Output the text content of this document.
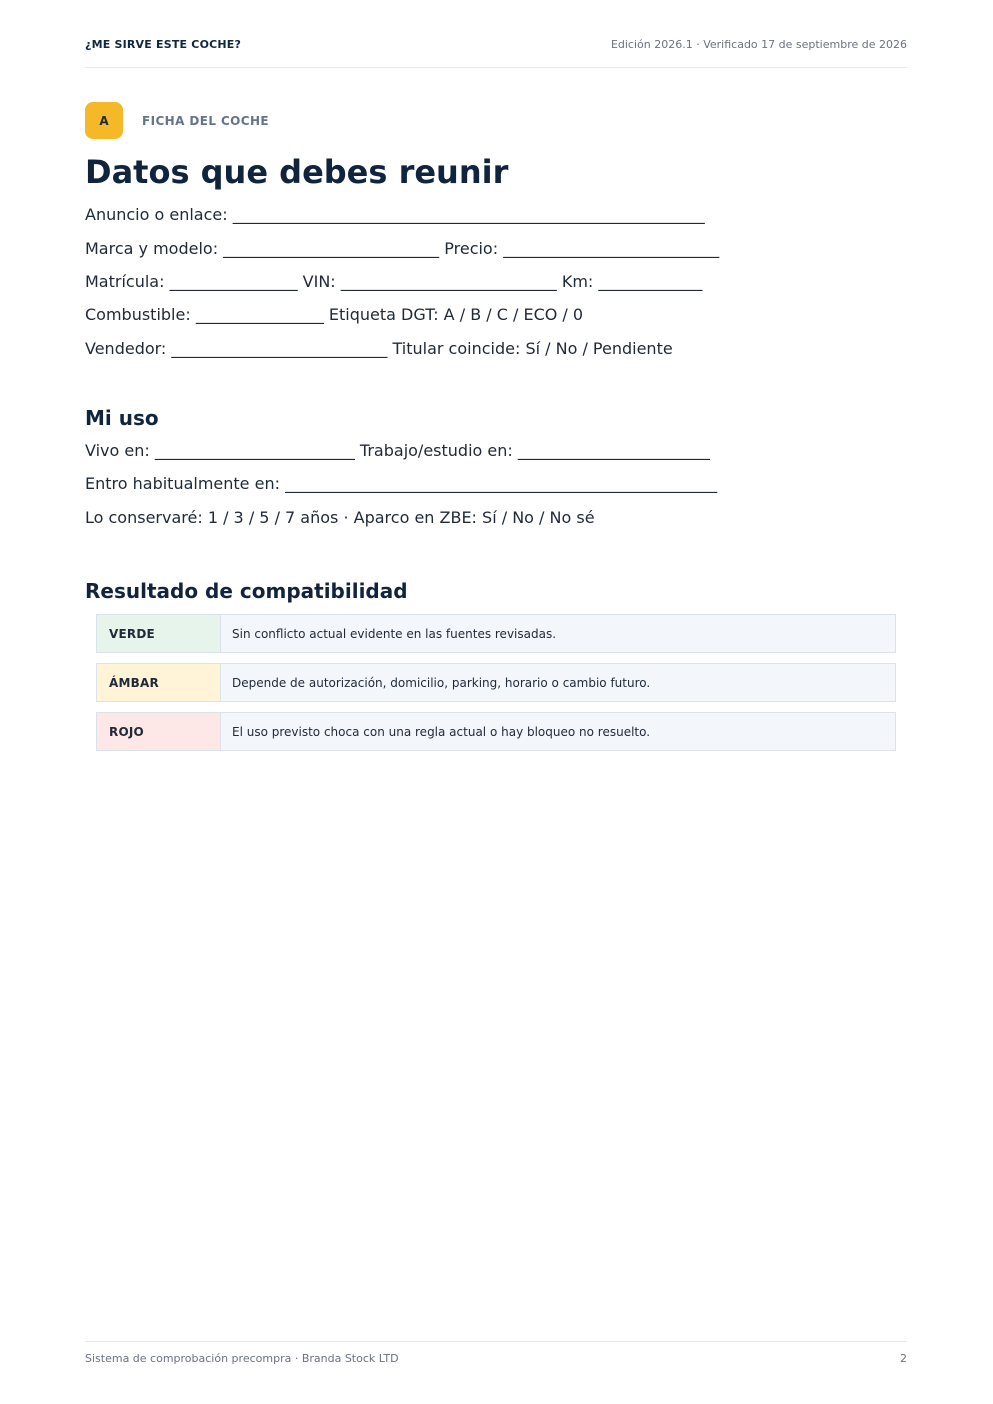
¿ME SIRVE ESTE COCHE?	Edición 2026.1 · Verificado 17 de septiembre de 2026
A	FICHA DEL COCHE
Datos que debes reunir
Anuncio o enlace: ___________________________________________________________
Marca y modelo: ___________________________ Precio: ___________________________
Matrícula: ________________ VIN: ___________________________ Km: _____________
Combustible: ________________ Etiqueta DGT: A / B / C / ECO / 0
Vendedor: ___________________________ Titular coincide: Sí / No / Pendiente
Mi uso
Vivo en: _________________________ Trabajo/estudio en: ________________________
Entro habitualmente en: ______________________________________________________
Lo conservaré: 1 / 3 / 5 / 7 años · Aparco en ZBE: Sí / No / No sé
Resultado de compatibilidad
VERDE	Sin conflicto actual evidente en las fuentes revisadas.
ÁMBAR	Depende de autorización, domicilio, parking, horario o cambio futuro.
ROJO	El uso previsto choca con una regla actual o hay bloqueo no resuelto.
Sistema de comprobación precompra · Branda Stock LTD	2
